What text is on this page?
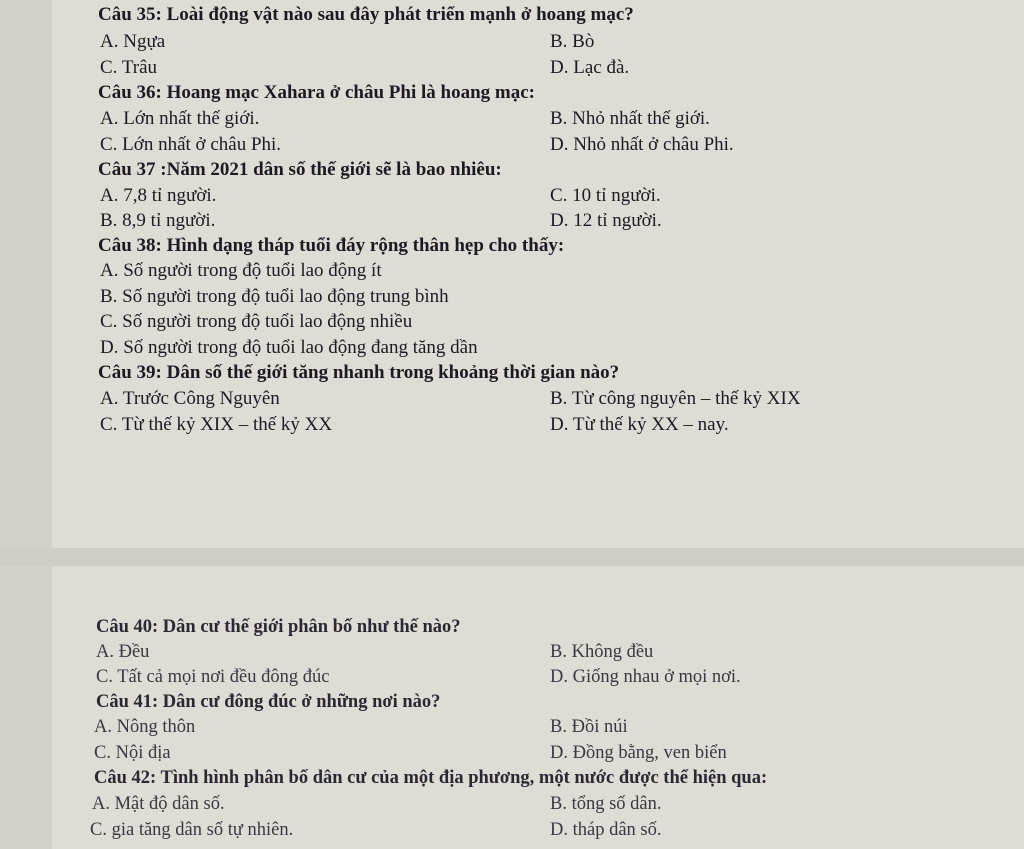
Câu 35: Loài động vật nào sau đây phát triển mạnh ở hoang mạc?
A. Ngựa	B. Bò
C. Trâu	D. Lạc đà.
Câu 36: Hoang mạc Xahara ở châu Phi là hoang mạc:
A. Lớn nhất thế giới.	B. Nhỏ nhất thế giới.
C. Lớn nhất ở châu Phi.	D. Nhỏ nhất ở châu Phi.
Câu 37 :Năm 2021 dân số thế giới sẽ là bao nhiêu:
A. 7,8 tỉ người.	C. 10 tỉ người.
B. 8,9 tỉ người.	D. 12 tỉ người.
Câu 38: Hình dạng tháp tuổi đáy rộng thân hẹp cho thấy:
A. Số người trong độ tuổi lao động ít
B. Số người trong độ tuổi lao động trung bình
C. Số người trong độ tuổi lao động nhiều
D. Số người trong độ tuổi lao động đang tăng dần
Câu 39: Dân số thế giới tăng nhanh trong khoảng thời gian nào?
A. Trước Công Nguyên	B. Từ công nguyên – thế kỷ XIX
C. Từ thế kỷ XIX – thế kỷ XX	D. Từ thế kỷ XX – nay.
Câu 40: Dân cư thế giới phân bố như thế nào?
A. Đều	B. Không đều
C. Tất cả mọi nơi đều đông đúc	D. Giống nhau ở mọi nơi.
Câu 41: Dân cư đông đúc ở những nơi nào?
A. Nông thôn	B. Đồi núi
C. Nội địa	D. Đồng bằng, ven biển
Câu 42: Tình hình phân bố dân cư của một địa phương, một nước được thể hiện qua:
A. Mật độ dân số.	B. tổng số dân.
C. gia tăng dân số tự nhiên.	D. tháp dân số.
